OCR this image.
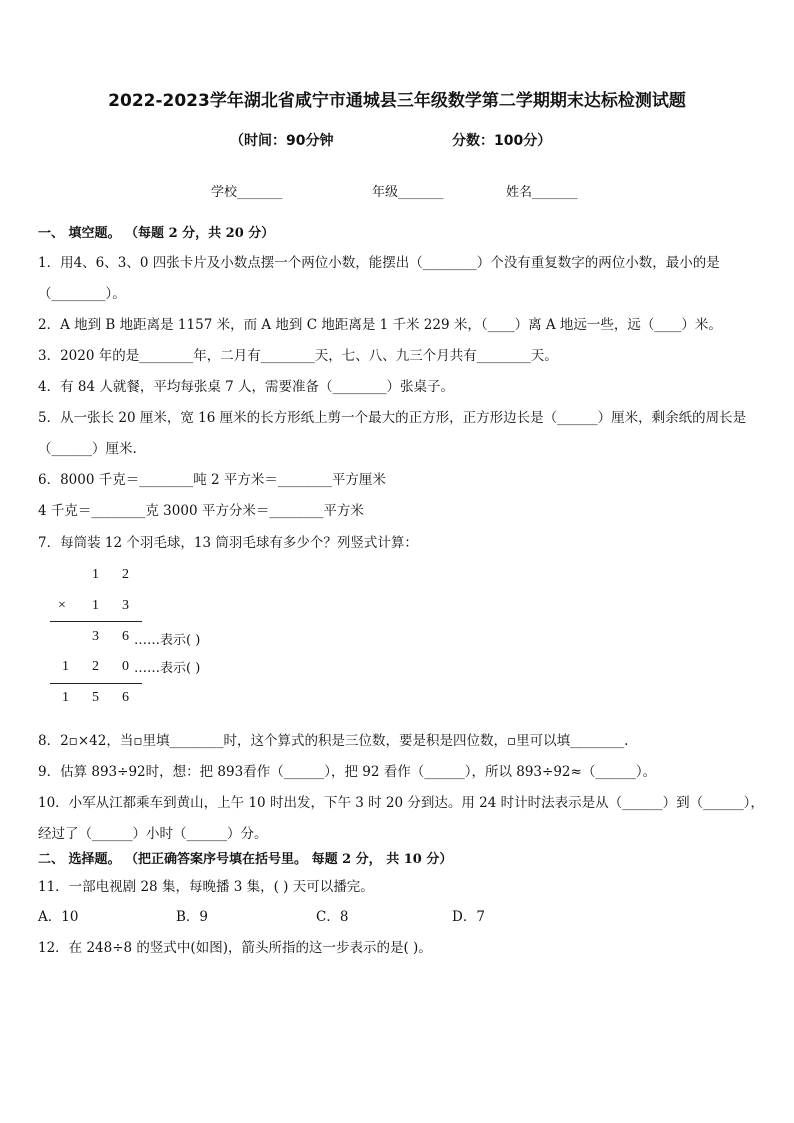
2022-2023学年湖北省咸宁市通城县三年级数学第二学期期末达标检测试题
（时间：90分钟	分数：100分）
学校_______	年级_______	姓名_______
一、 填空题。 （每题 2 分，共 20 分）
1．用4、6、3、0 四张卡片及小数点摆一个两位小数，能摆出（________）个没有重复数字的两位小数，最小的是
（________）。
2．A 地到 B 地距离是 1157 米，而 A 地到 C 地距离是 1 千米 229 米，（____）离 A 地远一些，远（____）米。
3．2020 年的是________年，二月有________天，七、八、九三个月共有________天。
4．有 84 人就餐，平均每张桌 7 人，需要准备（________）张桌子。
5．从一张长 20 厘米，宽 16 厘米的长方形纸上剪一个最大的正方形，正方形边长是（______）厘米，剩余纸的周长是
（______）厘米.
6．8000 千克＝________吨 2 平方米＝________平方厘米
4 千克＝________克 3000 平方分米＝________平方米
7．每筒装 12 个羽毛球，13 筒羽毛球有多少个？列竖式计算：
1 2
× 1 3
3 6 ……表示( )
1 2 0 ……表示( )
1 5 6
8．2▫×42，当▫里填________时，这个算式的积是三位数，要是积是四位数，▫里可以填________.
9．估算 893÷92时，想：把 893看作（______），把 92 看作（______），所以 893÷92≈（______）。
10．小军从江都乘车到黄山，上午 10 时出发，下午 3 时 20 分到达。用 24 时计时法表示是从（______）到（______），
经过了（______）小时（______）分。
二、 选择题。 （把正确答案序号填在括号里。 每题 2 分， 共 10 分）
11．一部电视剧 28 集，每晚播 3 集，( ) 天可以播完。
A．10	B．9	C．8	D．7
12．在 248÷8 的竖式中(如图)，箭头所指的这一步表示的是( )。
